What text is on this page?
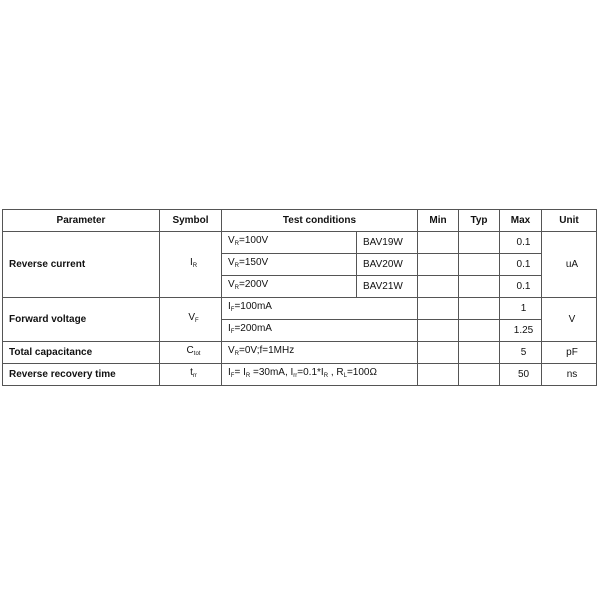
Parameter	Symbol	Test conditions		Min	Typ	Max	Unit
Reverse current	$I_R$	$V_R=100V$	BAV19W			0.1	uA
		$V_R=150V$	BAV20W			0.1	
		$V_R=200V$	BAV21W			0.1	
Forward voltage	$V_F$	$I_F=100mA$				1	V
		$I_F=200mA$				1.25	
Total capacitance	$C_{tot}$	$V_R=0V;f=1MHz$				5	pF
Reverse recovery time	$t_{rr}$	$I_F= I_R =30mA$, $I_{rr}=0.1*I_R$ , $R_L=100\Omega$				50	ns
